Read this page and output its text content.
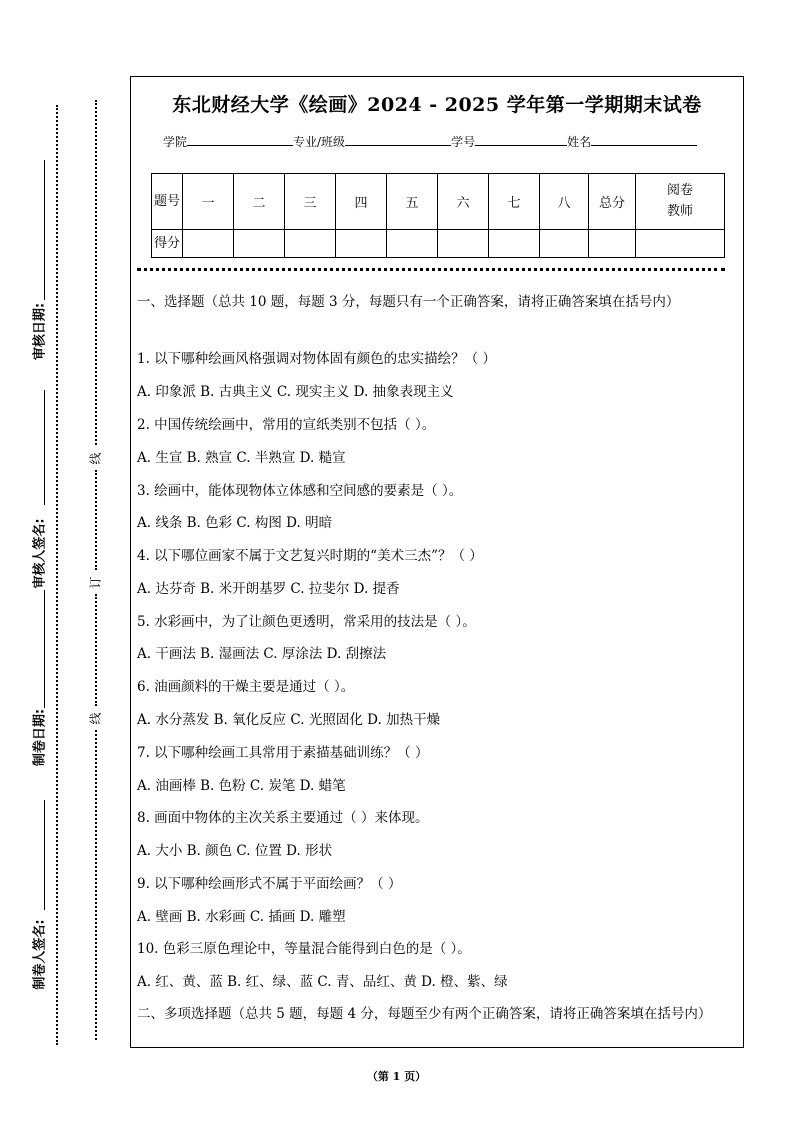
审核日期:
审核人签名:
制卷日期:
制卷人签名:
线
订
线
东北财经大学《绘画》2024 - 2025 学年第一学期期末试卷
学院	专业/班级	学号	姓名
题号	一	二	三	四	五	六	七	八	总分	阅卷教师
得分										
一、选择题（总共 10 题，每题 3 分，每题只有一个正确答案，请将正确答案填在括号内）
1. 以下哪种绘画风格强调对物体固有颜色的忠实描绘？（ ）
A. 印象派 B. 古典主义 C. 现实主义 D. 抽象表现主义
2. 中国传统绘画中，常用的宣纸类别不包括（ ）。
A. 生宣 B. 熟宣 C. 半熟宣 D. 糙宣
3. 绘画中，能体现物体立体感和空间感的要素是（ ）。
A. 线条 B. 色彩 C. 构图 D. 明暗
4. 以下哪位画家不属于文艺复兴时期的“美术三杰”？（ ）
A. 达芬奇 B. 米开朗基罗 C. 拉斐尔 D. 提香
5. 水彩画中，为了让颜色更透明，常采用的技法是（ ）。
A. 干画法 B. 湿画法 C. 厚涂法 D. 刮擦法
6. 油画颜料的干燥主要是通过（ ）。
A. 水分蒸发 B. 氧化反应 C. 光照固化 D. 加热干燥
7. 以下哪种绘画工具常用于素描基础训练？（ ）
A. 油画棒 B. 色粉 C. 炭笔 D. 蜡笔
8. 画面中物体的主次关系主要通过（ ）来体现。
A. 大小 B. 颜色 C. 位置 D. 形状
9. 以下哪种绘画形式不属于平面绘画？（ ）
A. 壁画 B. 水彩画 C. 插画 D. 雕塑
10. 色彩三原色理论中，等量混合能得到白色的是（ ）。
A. 红、黄、蓝 B. 红、绿、蓝 C. 青、品红、黄 D. 橙、紫、绿
二、多项选择题（总共 5 题，每题 4 分，每题至少有两个正确答案，请将正确答案填在括号内）
（第 1 页）
